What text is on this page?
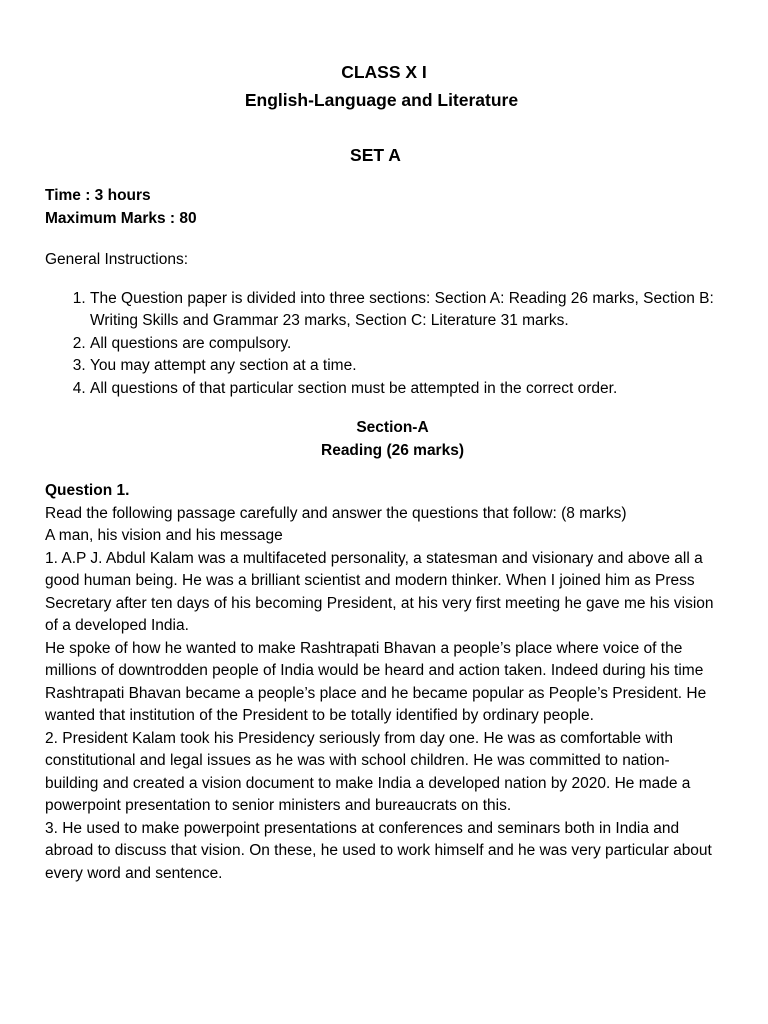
CLASS X I
English-Language and Literature
SET A
Time : 3 hours
Maximum Marks : 80
General Instructions:
1. The Question paper is divided into three sections: Section A: Reading 26 marks, Section B: Writing Skills and Grammar 23 marks, Section C: Literature 31 marks.
2. All questions are compulsory.
3. You may attempt any section at a time.
4. All questions of that particular section must be attempted in the correct order.
Section-A
Reading (26 marks)
Question 1.

Read the following passage carefully and answer the questions that follow: (8 marks)

A man, his vision and his message

1. A.P J. Abdul Kalam was a multifaceted personality, a statesman and visionary and above all a good human being. He was a brilliant scientist and modern thinker. When I joined him as Press Secretary after ten days of his becoming President, at his very first meeting he gave me his vision of a developed India.

He spoke of how he wanted to make Rashtrapati Bhavan a people’s place where voice of the millions of downtrodden people of India would be heard and action taken. Indeed during his time Rashtrapati Bhavan became a people’s place and he became popular as People’s President. He wanted that institution of the President to be totally identified by ordinary people.

2. President Kalam took his Presidency seriously from day one. He was as comfortable with constitutional and legal issues as he was with school children. He was committed to nation-building and created a vision document to make India a developed nation by 2020. He made a powerpoint presentation to senior ministers and bureaucrats on this.

3. He used to make powerpoint presentations at conferences and seminars both in India and abroad to discuss that vision. On these, he used to work himself and he was very particular about every word and sentence.
